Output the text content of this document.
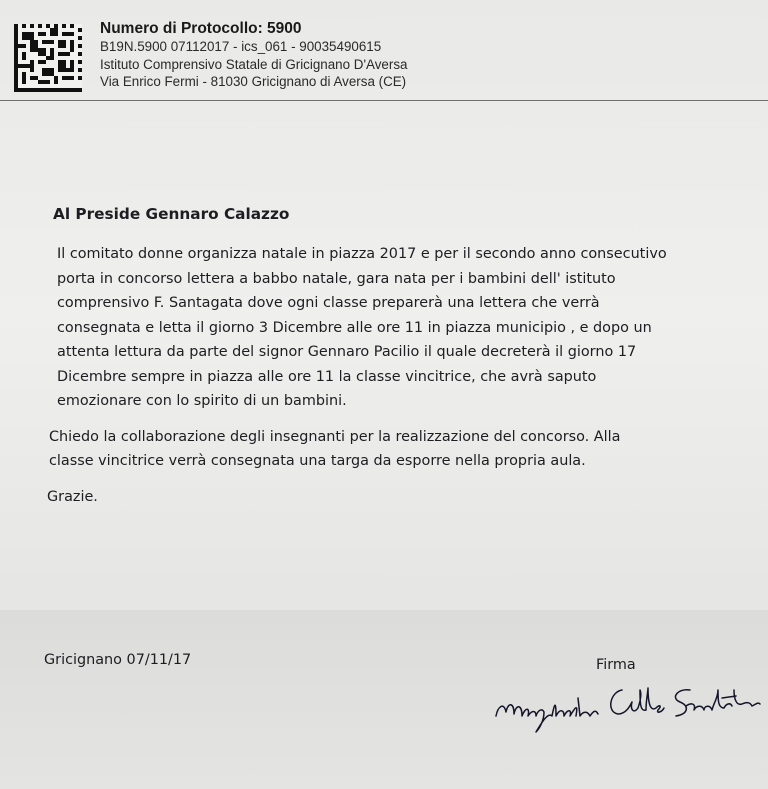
Numero di Protocollo: 5900
B19N.5900 07112017 - ics_061 - 90035490615
Istituto Comprensivo Statale di Gricignano D'Aversa
Via Enrico Fermi - 81030 Gricignano di Aversa (CE)
Al Preside Gennaro Calazzo
Il comitato donne organizza natale in piazza 2017 e per il secondo anno consecutivo
porta in concorso lettera a babbo natale, gara nata per i bambini dell' istituto
comprensivo F. Santagata dove ogni classe preparerà una lettera che verrà
consegnata e letta il giorno 3 Dicembre alle ore 11 in piazza municipio , e dopo un
attenta lettura da parte del signor Gennaro Pacilio il quale decreterà il giorno 17
Dicembre sempre in piazza alle ore 11 la classe vincitrice, che avrà saputo
emozionare con lo spirito di un bambini.
Chiedo la collaborazione degli insegnanti per la realizzazione del concorso. Alla
classe vincitrice verrà consegnata una targa da esporre nella propria aula.
Grazie.
Gricignano 07/11/17	Firma
